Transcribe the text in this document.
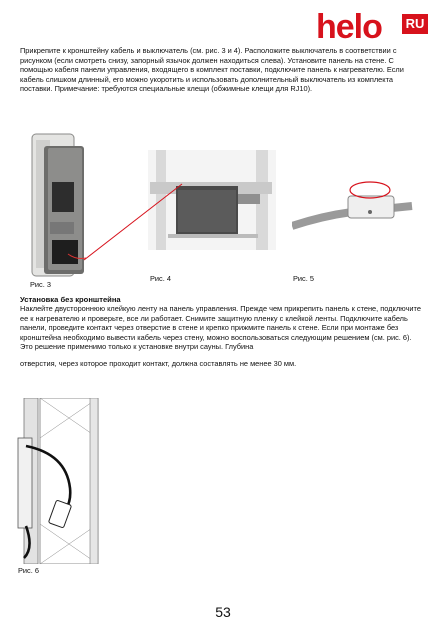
helo RU
Прикрепите к кронштейну кабель и выключатель (см. рис. 3 и 4). Расположите выключатель в соответствии с рисунком (если смотреть снизу, запорный язычок должен находиться слева). Установите панель на стене. С помощью кабеля панели управления, входящего в комплект поставки, подключите панель к нагревателю. Если кабель слишком длинный, его можно укоротить и использовать дополнительный выключатель из комплекта поставки. Примечание: требуются специальные клещи (обжимные клещи для RJ10).
Рис. 3
Рис. 4	Рис. 5
Установка без кронштейна
Наклейте двустороннюю клейкую ленту на панель управления. Прежде чем прикрепить панель к стене, подключите ее к нагревателю и проверьте, все ли работает. Снимите защитную пленку с клейкой ленты. Подключите кабель панели, проведите контакт через отверстие в стене и крепко прижмите панель к стене. Если при монтаже без кронштейна необходимо вывести кабель через стену, можно воспользоваться следующим решением (см. рис. 6). Это решение применимо только к установке внутри сауны. Глубина
отверстия, через которое проходит контакт, должна составлять не менее 30 мм.
Рис. 6
53
